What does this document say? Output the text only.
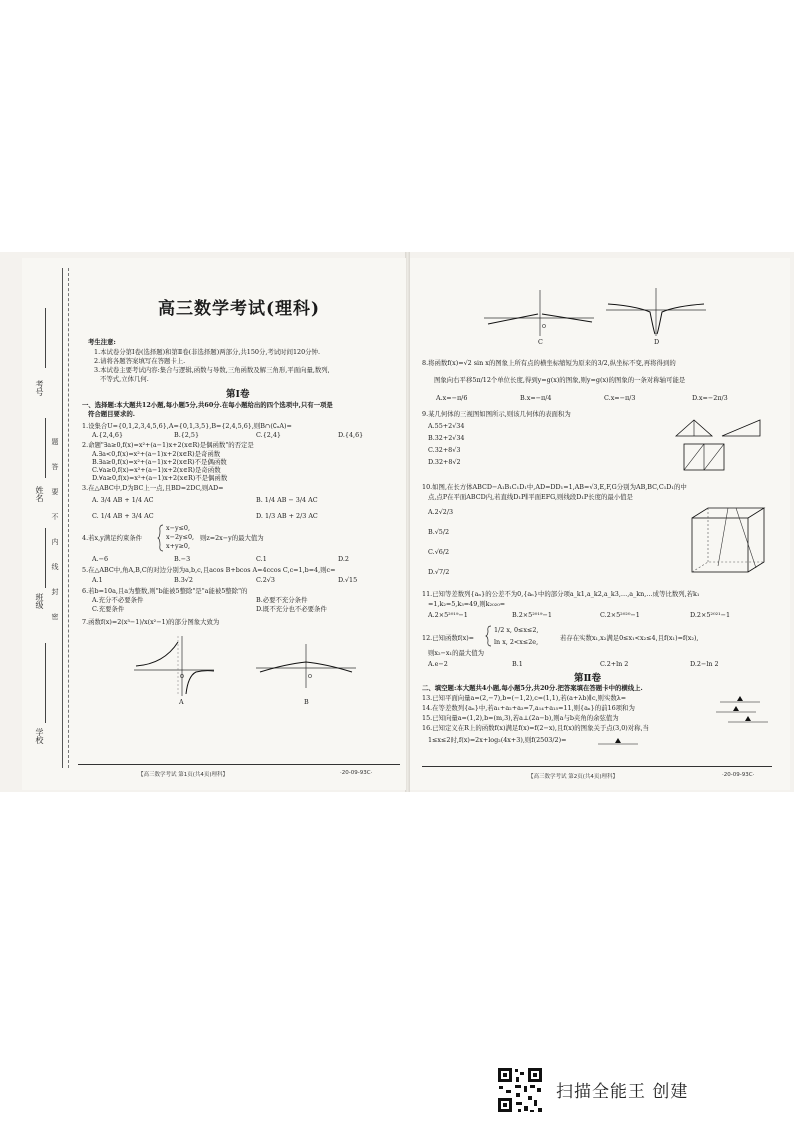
考号
姓名
班级
学校
题
答
要
不
内
线
封
密
高三数学考试(理科)
考生注意:
1.本试卷分第Ⅰ卷(选择题)和第Ⅱ卷(非选择题)两部分,共150分,考试时间120分钟.
2.请将各题答案填写在答题卡上.
3.本试卷主要考试内容:集合与逻辑,函数与导数,三角函数及解三角形,平面向量,数列,
不等式,立体几何.
第Ⅰ卷
一、选择题:本大题共12小题,每小题5分,共60分.在每小题给出的四个选项中,只有一项是
符合题目要求的.
1.设集合U={0,1,2,3,4,5,6},A={0,1,3,5},B={2,4,5,6},则B∩(∁ᵤA)=
A.{2,4,6}	B.{2,5}	C.{2,4}	D.{4,6}
2.命题"∃a≥0,f(x)=x²+(a−1)x+2(x∈R)是偶函数"的否定是
A.∃a<0,f(x)=x²+(a−1)x+2(x∈R)是奇函数
B.∃a≥0,f(x)=x²+(a−1)x+2(x∈R)不是偶函数
C.∀a≥0,f(x)=x²+(a−1)x+2(x∈R)是奇函数
D.∀a≥0,f(x)=x²+(a−1)x+2(x∈R)不是偶函数
3.在△ABC中,D为BC上一点,且BD=2DC,则AD=
A. 3/4 AB + 1/4 AC	B. 1/4 AB − 3/4 AC
C. 1/4 AB + 3/4 AC	D. 1/3 AB + 2/3 AC
4.若x,y满足约束条件
x−y≤0,
x−2y≤0,
x+y≥0,
则z=2x−y的最大值为
A.−6	B.−3	C.1	D.2
5.在△ABC中,角A,B,C的对边分别为a,b,c,且acos B+bcos A=4ccos C,c=1,b=4,则c=
A.1	B.3√2	C.2√3	D.√15
6.若b=10a,且a为整数,则"b能被5整除"是"a能被5整除"的
A.充分不必要条件	B.必要不充分条件
C.充要条件	D.既不充分也不必要条件
7.函数f(x)=2(x³−1)/x(x²−1)的部分图象大致为
O
A
O
B
【高三数学考试 第1页(共4页)理科】	·20-09-93C·
O
C	D
8.将函数f(x)=√2 sin x的图象上所有点的横坐标缩短为原来的3/2,纵坐标不变,再将得到的
图象向右平移5π/12个单位长度,得到y=g(x)的图象,则y=g(x)的图象的一条对称轴可能是
A.x=−π/6	B.x=−π/4	C.x=−π/3	D.x=−2π/3
9.某几何体的三视图如图所示,则该几何体的表面积为
A.55+2√34
B.32+2√34
C.32+8√3
D.32+8√2
10.如图,在长方体ABCD−A₁B₁C₁D₁中,AD=DD₁=1,AB=√3,E,F,G分别为AB,BC,C₁D₁的中
点,点P在平面ABCD内,若直线D₁P∥平面EFG,则线段D₁P长度的最小值是
A.2√2/3
B.√5/2
C.√6/2
D.√7/2
11.已知等差数列{aₙ}的公差不为0,{aₙ}中的部分项a_k1,a_k2,a_k3,…,a_kn,…成等比数列,若k₁
=1,k₂=5,k₃=49,则k₂₀₂₀=
A.2×5²⁰¹⁹−1	B.2×5²⁰¹⁹−1	C.2×5²⁰²⁰−1	D.2×5²⁰²¹−1
12.已知函数f(x)=
1/2 x, 0≤x≤2,
ln x, 2<x≤2e,	若存在实数x₁,x₂满足0≤x₁<x₂≤4,且f(x₁)=f(x₂),
则x₂−x₁的最大值为
A.e−2	B.1	C.2+ln 2	D.2−ln 2
第Ⅱ卷
二、填空题:本大题共4小题,每小题5分,共20分.把答案填在答题卡中的横线上.
13.已知平面向量a=(2,−7),b=(−1,2),c=(1,1),若(a+λb)∥c,则实数λ=
14.在等差数列{aₙ}中,若a₁+a₂+a₃=7,a₁₄+a₁₅=11,则{aₙ}的前16项和为
15.已知向量a=(1,2),b=(m,3),若a⊥(2a−b),则a与b夹角的余弦值为
16.已知定义在R上的函数f(x)满足f(x)=f(2−x),且f(x)的图象关于点(3,0)对称,当
1≤x≤2时,f(x)=2x+log₂(4x+3),则f(2503/2)=
【高三数学考试 第2页(共4页)理科】	·20-09-93C·
扫描全能王 创建
